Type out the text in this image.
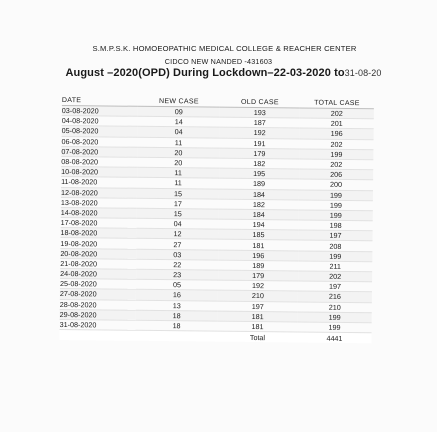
S.M.P.S.K. HOMOEOPATHIC MEDICAL COLLEGE & REACHER CENTER
CIDCO NEW NANDED -431603
August –2020(OPD) During Lockdown–22-03-2020 to31-08-20
DATE	NEW CASE	OLD CASE	TOTAL CASE
03-08-2020	09	193	202
04-08-2020	14	187	201
05-08-2020	04	192	196
06-08-2020	11	191	202
07-08-2020	20	179	199
08-08-2020	20	182	202
10-08-2020	11	195	206
11-08-2020	11	189	200
12-08-2020	15	184	199
13-08-2020	17	182	199
14-08-2020	15	184	199
17-08-2020	04	194	198
18-08-2020	12	185	197
19-08-2020	27	181	208
20-08-2020	03	196	199
21-08-2020	22	189	211
24-08-2020	23	179	202
25-08-2020	05	192	197
27-08-2020	16	210	216
28-08-2020	13	197	210
29-08-2020	18	181	199
31-08-2020	18	181	199
		Total	4441
